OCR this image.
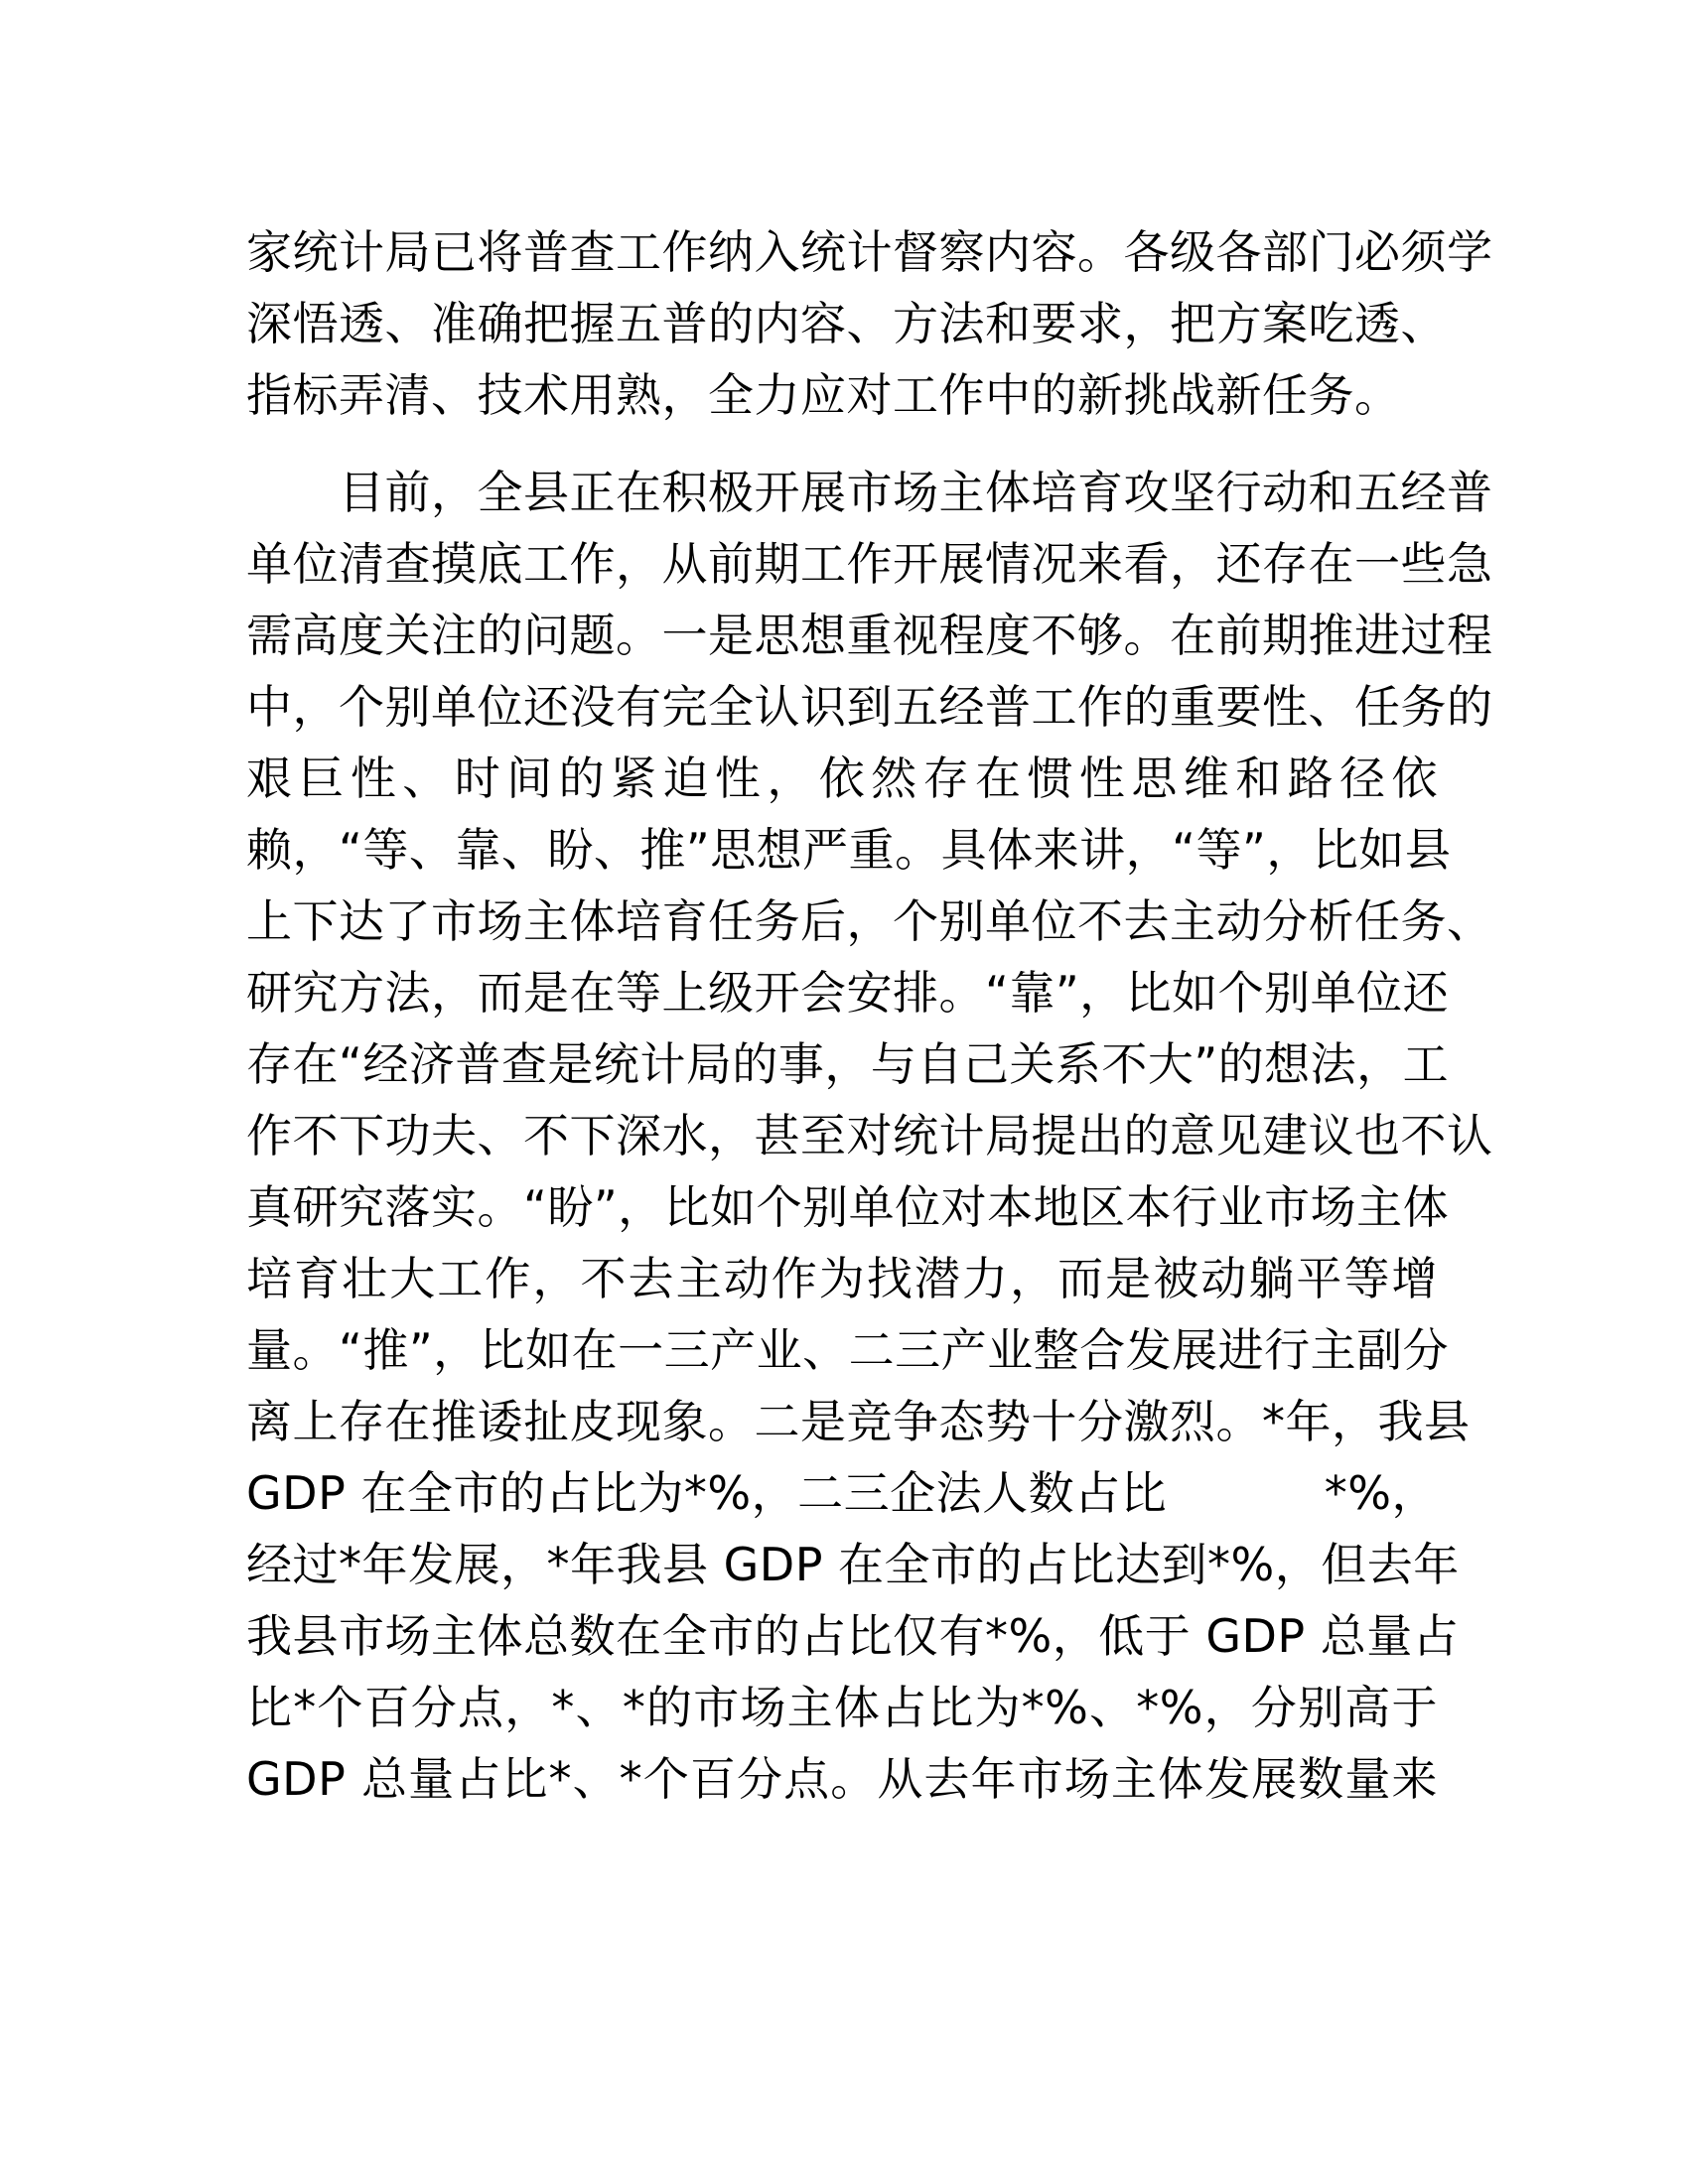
家统计局已将普查工作纳入统计督察内容。各级各部门必须学
深悟透、准确把握五普的内容、方法和要求，把方案吃透、
指标弄清、技术用熟，全力应对工作中的新挑战新任务。
目前，全县正在积极开展市场主体培育攻坚行动和五经普
单位清查摸底工作，从前期工作开展情况来看，还存在一些急
需高度关注的问题。一是思想重视程度不够。在前期推进过程
中，个别单位还没有完全认识到五经普工作的重要性、任务的
艰巨性、时间的紧迫性，依然存在惯性思维和路径依
赖，“等、靠、盼、推”思想严重。具体来讲，“等”，比如县
上下达了市场主体培育任务后，个别单位不去主动分析任务、
研究方法，而是在等上级开会安排。“靠”，比如个别单位还
存在“经济普查是统计局的事，与自己关系不大”的想法，工
作不下功夫、不下深水，甚至对统计局提出的意见建议也不认
真研究落实。“盼”，比如个别单位对本地区本行业市场主体
培育壮大工作，不去主动作为找潜力，而是被动躺平等增
量。“推”，比如在一三产业、二三产业整合发展进行主副分
离上存在推诿扯皮现象。二是竞争态势十分激烈。*年，我县
GDP 在全市的占比为*%，二三企法人数占比	*%，
经过*年发展，*年我县 GDP 在全市的占比达到*%，但去年
我县市场主体总数在全市的占比仅有*%，低于 GDP 总量占
比*个百分点，*、*的市场主体占比为*%、*%，分别高于
GDP 总量占比*、*个百分点。从去年市场主体发展数量来
